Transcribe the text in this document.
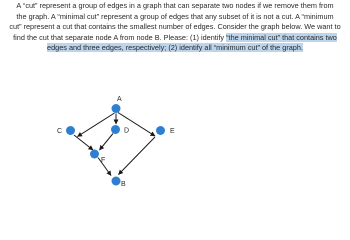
A “cut” represent a group of edges in a graph that can separate two nodes if we remove them from
the graph. A “minimal cut” represent a group of edges that any subset of it is not a cut. A “minimum
cut” represent a cut that contains the smallest number of edges. Consider the graph below. We want to
find the cut that separate node A from node B. Please: (1) identify “the minimal cut” that contains two
edges and three edges, respectively; (2) identify all “minimum cut” of the graph.
A
C	D	E
F
B
